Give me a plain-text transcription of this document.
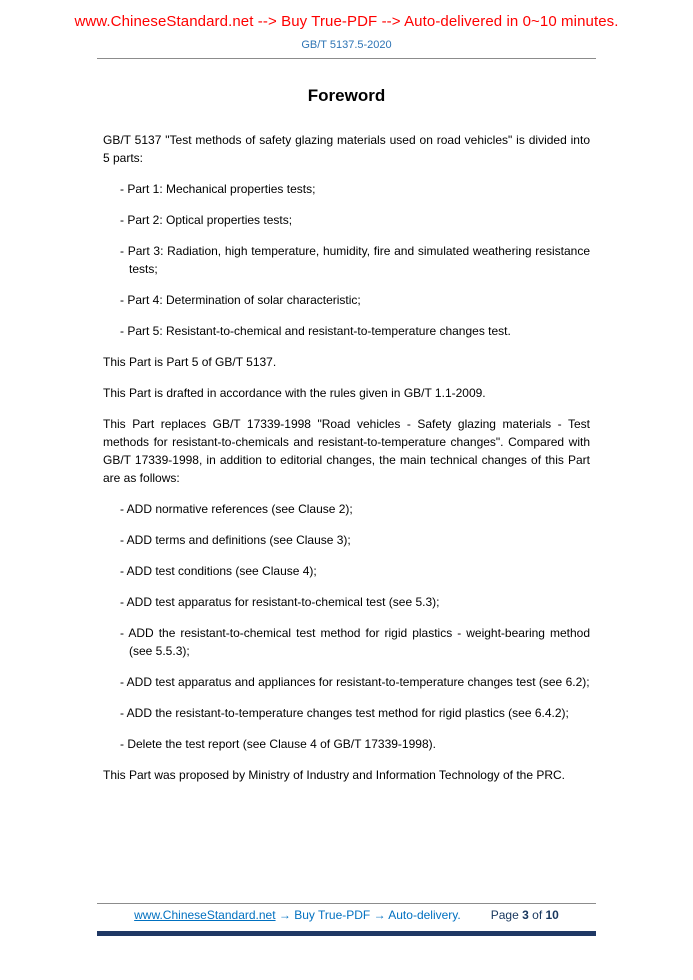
www.ChineseStandard.net --> Buy True-PDF --> Auto-delivered in 0~10 minutes.
GB/T 5137.5-2020
Foreword
GB/T 5137 "Test methods of safety glazing materials used on road vehicles" is divided into 5 parts:
- Part 1: Mechanical properties tests;
- Part 2: Optical properties tests;
- Part 3: Radiation, high temperature, humidity, fire and simulated weathering resistance tests;
- Part 4: Determination of solar characteristic;
- Part 5: Resistant-to-chemical and resistant-to-temperature changes test.
This Part is Part 5 of GB/T 5137.
This Part is drafted in accordance with the rules given in GB/T 1.1-2009.
This Part replaces GB/T 17339-1998 "Road vehicles - Safety glazing materials - Test methods for resistant-to-chemicals and resistant-to-temperature changes". Compared with GB/T 17339-1998, in addition to editorial changes, the main technical changes of this Part are as follows:
- ADD normative references (see Clause 2);
- ADD terms and definitions (see Clause 3);
- ADD test conditions (see Clause 4);
- ADD test apparatus for resistant-to-chemical test (see 5.3);
- ADD the resistant-to-chemical test method for rigid plastics - weight-bearing method (see 5.5.3);
- ADD test apparatus and appliances for resistant-to-temperature changes test (see 6.2);
- ADD the resistant-to-temperature changes test method for rigid plastics (see 6.4.2);
- Delete the test report (see Clause 4 of GB/T 17339-1998).
This Part was proposed by Ministry of Industry and Information Technology of the PRC.
www.ChineseStandard.net → Buy True-PDF → Auto-delivery.	Page 3 of 10
